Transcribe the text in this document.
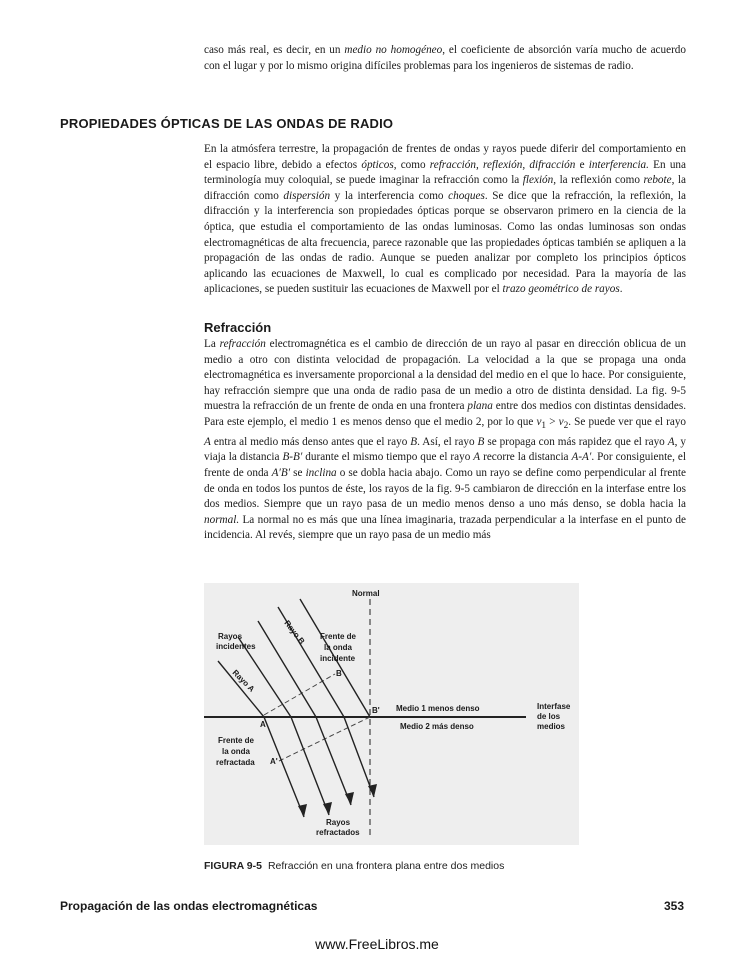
caso más real, es decir, en un medio no homogéneo, el coeficiente de absorción varía mucho de acuerdo con el lugar y por lo mismo origina difíciles problemas para los ingenieros de sistemas de radio.

PROPIEDADES ÓPTICAS DE LAS ONDAS DE RADIO

En la atmósfera terrestre, la propagación de frentes de ondas y rayos puede diferir del comportamiento en el espacio libre, debido a efectos ópticos, como refracción, reflexión, difracción e interferencia. En una terminología muy coloquial, se puede imaginar la refracción como la flexión, la reflexión como rebote, la difracción como dispersión y la interferencia como choques. Se dice que la refracción, la reflexión, la difracción y la interferencia son propiedades ópticas porque se observaron primero en la ciencia de la óptica, que estudia el comportamiento de las ondas luminosas. Como las ondas luminosas son ondas electromagnéticas de alta frecuencia, parece razonable que las propiedades ópticas también se apliquen a la propagación de las ondas de radio. Aunque se pueden analizar por completo los principios ópticos aplicando las ecuaciones de Maxwell, lo cual es complicado por necesidad. Para la mayoría de las aplicaciones, se pueden sustituir las ecuaciones de Maxwell por el trazo geométrico de rayos.

Refracción

La refracción electromagnética es el cambio de dirección de un rayo al pasar en dirección oblicua de un medio a otro con distinta velocidad de propagación. La velocidad a la que se propaga una onda electromagnética es inversamente proporcional a la densidad del medio en el que lo hace. Por consiguiente, hay refracción siempre que una onda de radio pasa de un medio a otro de distinta densidad. La fig. 9-5 muestra la refracción de un frente de onda en una frontera plana entre dos medios con distintas densidades. Para este ejemplo, el medio 1 es menos denso que el medio 2, por lo que $v_1 > v_2$. Se puede ver que el rayo A entra al medio más denso antes que el rayo B. Así, el rayo B se propaga con más rapidez que el rayo A, y viaja la distancia B-B′ durante el mismo tiempo que el rayo A recorre la distancia A-A′. Por consiguiente, el frente de onda A′B′ se inclina o se dobla hacia abajo. Como un rayo se define como perpendicular al frente de onda en todos los puntos de éste, los rayos de la fig. 9-5 cambiaron de dirección en la interfase entre los dos medios. Siempre que un rayo pasa de un medio menos denso a uno más denso, se dobla hacia la normal. La normal no es más que una línea imaginaria, trazada perpendicular a la interfase en el punto de incidencia. Al revés, siempre que un rayo pasa de un medio más

Normal
Rayos
incidentes
Rayo B
Rayo A
Frente de
la onda
incidente
B
B'
A
A'
Medio 1 menos denso
Medio 2 más denso
Interfase
de los
medios
Frente de
la onda
refractada
Rayos
refractados

FIGURA 9-5 Refracción en una frontera plana entre dos medios

Propagación de las ondas electromagnéticas	353

www.FreeLibros.me
